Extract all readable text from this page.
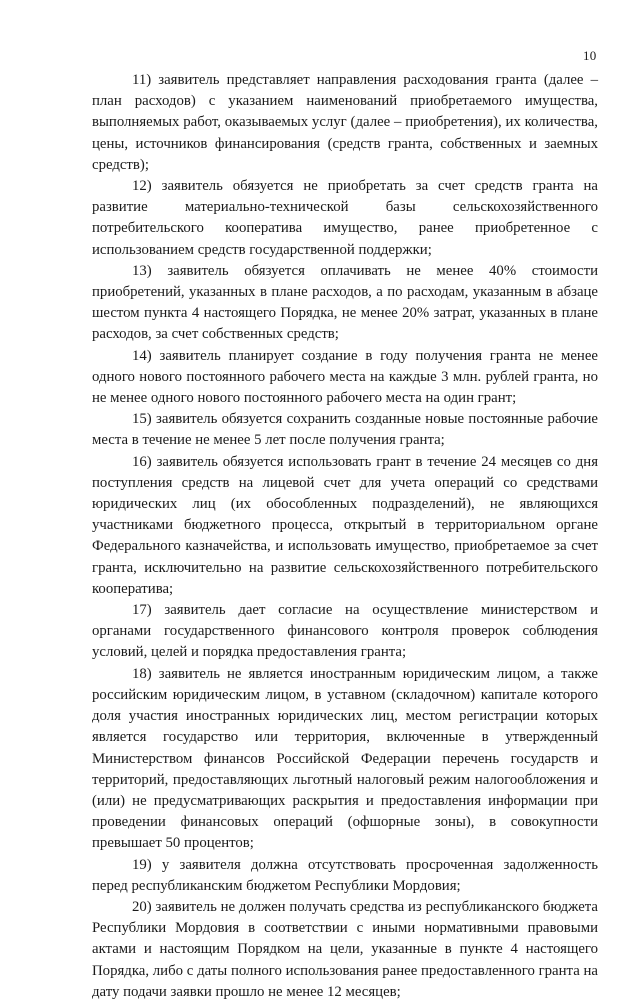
10

11) заявитель представляет направления расходования гранта (далее – план расходов) с указанием наименований приобретаемого имущества, выполняемых работ, оказываемых услуг (далее – приобретения), их количества, цены, источников финансирования (средств гранта, собственных и заемных средств);

12) заявитель обязуется не приобретать за счет средств гранта на развитие материально-технической базы сельскохозяйственного потребительского кооператива имущество, ранее приобретенное с использованием средств государственной поддержки;

13) заявитель обязуется оплачивать не менее 40% стоимости приобретений, указанных в плане расходов, а по расходам, указанным в абзаце шестом пункта 4 настоящего Порядка, не менее 20% затрат, указанных в плане расходов, за счет собственных средств;

14) заявитель планирует создание в году получения гранта не менее одного нового постоянного рабочего места на каждые 3 млн. рублей гранта, но не менее одного нового постоянного рабочего места на один грант;

15) заявитель обязуется сохранить созданные новые постоянные рабочие места в течение не менее 5 лет после получения гранта;

16) заявитель обязуется использовать грант в течение 24 месяцев со дня поступления средств на лицевой счет для учета операций со средствами юридических лиц (их обособленных подразделений), не являющихся участниками бюджетного процесса, открытый в территориальном органе Федерального казначейства, и использовать имущество, приобретаемое за счет гранта, исключительно на развитие сельскохозяйственного потребительского кооператива;

17) заявитель дает согласие на осуществление министерством и органами государственного финансового контроля проверок соблюдения условий, целей и порядка предоставления гранта;

18) заявитель не является иностранным юридическим лицом, а также российским юридическим лицом, в уставном (складочном) капитале которого доля участия иностранных юридических лиц, местом регистрации которых является государство или территория, включенные в утвержденный Министерством финансов Российской Федерации перечень государств и территорий, предоставляющих льготный налоговый режим налогообложения и (или) не предусматривающих раскрытия и предоставления информации при проведении финансовых операций (офшорные зоны), в совокупности превышает 50 процентов;

19) у заявителя должна отсутствовать просроченная задолженность перед республиканским бюджетом Республики Мордовия;

20) заявитель не должен получать средства из республиканского бюджета Республики Мордовия в соответствии с иными нормативными правовыми актами и настоящим Порядком на цели, указанные в пункте 4 настоящего Порядка, либо с даты полного использования ранее предоставленного гранта на дату подачи заявки прошло не менее 12 месяцев;
